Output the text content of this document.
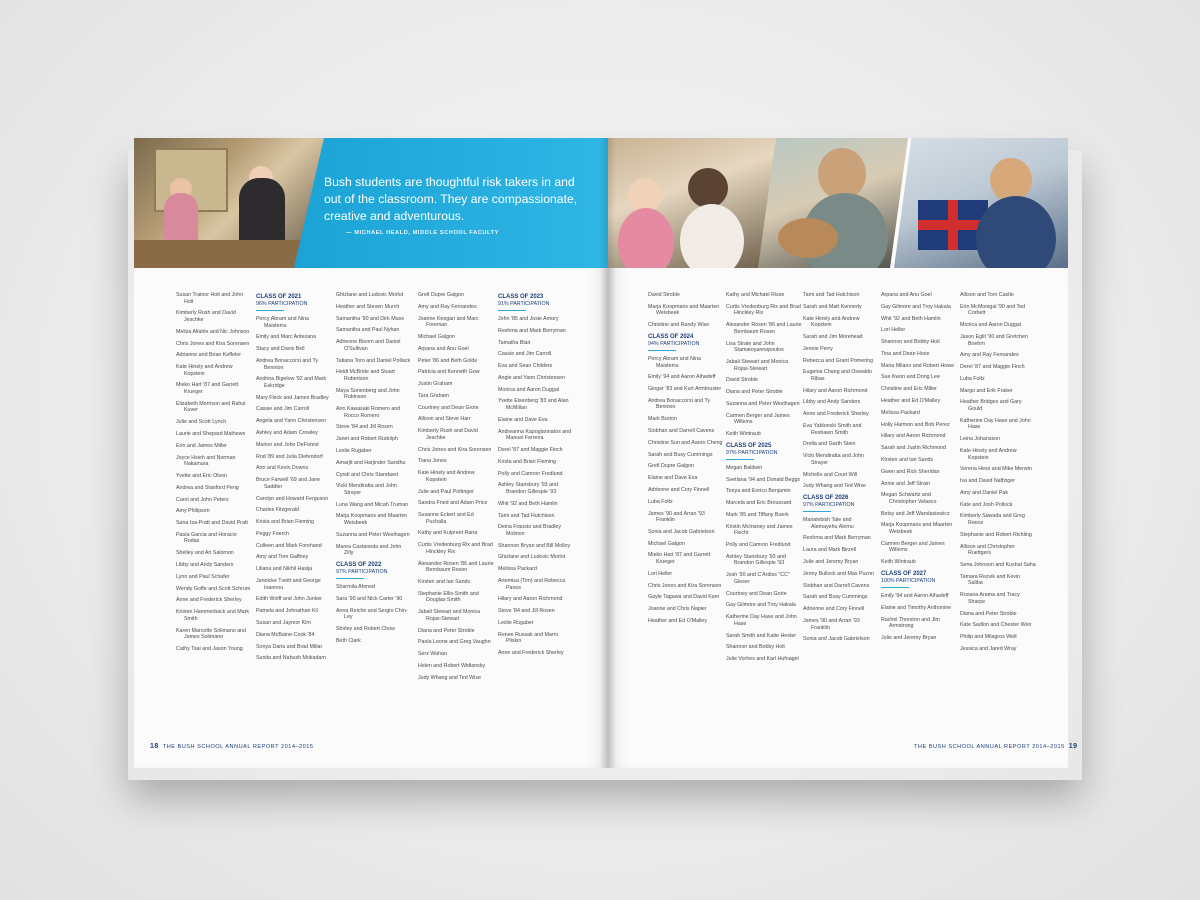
Bush students are thoughtful risk takers in and out of the classroom. They are compassionate, creative and adventurous.
— MICHAEL HEALD, MIDDLE SCHOOL FACULTY
Susan Trainor Holt and John Holt
Kimberly Rush and David Jeschke
Meliza Allahle and Nic Johnson
Chris Jones and Kira Sorensen
Adrianne and Brian Keffeler
Kate Hinely and Andrew Kopstein
Mieko Hart '87 and Garrett Krueger
Elizabeth Morrison and Rahul Kuver
Julie and Scott Lynch
Laurie and Shepard Mathews
Erin and James Miller
Joyce Hsieh and Norman Nakamura
Yvette and Eric Olson
Andrea and Stanford Peng
Carol and John Peters
Amy Philipson
Sana Isa-Pratt and David Pratt
Paula Garcia and Horacio Rodas
Shelley and Ari Salomon
Libby and Andy Sanders
Lynn and Paul Schafer
Wendy Goffe and Scott Schrum
Anne and Frederick Sherley
Kristen Hammerback and Mark Smith
Karen Marcotte Solimano and James Solimano
Cathy Tsai and Jason Young
CLASS OF 2021
96% PARTICIPATION
Percy Abram and Nina Maisterra
Emily and Marc Antezana
Stacy and Davis Bell
Andrea Bonaccorsi and Ty Bennion
Andrina Bigelow '92 and Mark Eskridge
Mary Fleck and James Bradley
Cassie and Jim Carroll
Angela and Yann Christensen
Ashley and Adam Crowley
Marion and John DeForest
Rod '89 and Julia Diefendorf
Ann and Kevin Downs
Bruce Farwell '69 and Jane Saddler
Carolyn and Howard Ferguson
Charles Fitzgerald
Krista and Brian Fleming
Peggy Foerch
Colleen and Mark Forehand
Amy and Tom Gaffney
Liliana and Nikhil Hasija
Jannicke Tveitt and George Ioannou
Edith Wolff and John Junker
Pamela and Johnathan Kil
Susan and Jaymor Kim
Diana McBaine-Cook '84
Sonya Daria and Brad Millar
Sunita and Nahush Mokadam
Ghizlane and Ludovic Morlot
Heather and Steven Murch
Samantha '90 and Dirk Muse
Samantha and Paul Nyhan
Adrienne Bloom and Daniel O'Sullivan
Tatiana Toro and Daniel Pollack
Heidi McBride and Stuart Robertson
Maya Sonenberg and John Robinson
Ann Kawasaki Romero and Rocco Romero
Steve '84 and Jill Rosen
Janet and Robert Rudolph
Leslie Rugaber
Amarjit and Harjinder Sandhu
Cyndi and Chris Standaert
Vicki Mendiratta and John Strayer
Luna Wang and Micah Truman
Marja Koopmans and Maarten Weisbeek
Suzanna and Peter Westhagen
Marea Castaneda and John Zilly
CLASS OF 2022
97% PARTICIPATION
Sharmila Ahmed
Sara '90 and Nick Carter '90
Anna Reiche and Sergio Chin-Ley
Shirley and Robert Chow
Beth Clark
Gretl Dupre Galgon
Amy and Ray Fernandes
Joanne Keegan and Marc Freeman
Michael Galgon
Arpana and Anu Goel
Peter '86 and Beth Golde
Patricia and Kenneth Gow
Justin Graham
Tara Graham
Courtney and Dean Grote
Allison and Steve Harr
Kimberly Rush and David Jeschke
Chris Jones and Kira Sorensen
Tiana Jones
Kate Hinely and Andrew Kopstein
Julie and Paul Pottinger
Sandra Fried and Adam Price
Susanne Eckert and Ed Puchalla
Kathy and Kulpreet Rana
Curtis Vredenburg Rix and Brad Hinckley Rix
Alexander Rosen '86 and Laurie Bernbaum Rosen
Kirsten and Ian Sands
Stephanie Ellis-Smith and Douglas Smith
Jabali Stewart and Monica Rojas-Stewart
Diana and Peter Stroble
Paola Leone and Greg Vaughn
Serz Wahan
Helen and Robert Widlansky
Judy Whang and Ted Wise
CLASS OF 2023
91% PARTICIPATION
John '85 and Josie Amory
Reshma and Mark Berryman
Tamatha Blair
Cassie and Jim Carroll
Eva and Sean Childers
Angie and Yann Christensen
Monica and Aaron Duggal
Yvette Eisenberg '83 and Alan McMillan
Elaine and Dave Eva
Andreanna Kapogiannatos and Manuel Ferreira
Derel '87 and Maggie Finch
Krista and Brian Fleming
Polly and Camron Fredlund
Ashley Stansbury '93 and Brandon Gillespie '93
Whit '92 and Beth Hamlin
Tami and Tad Hutchison
Deina Frausto and Bradley Molinon
Shannon Bryan and Bill Molloy
Ghizlane and Ludovic Morlot
Melissa Packard
Artemisa (Tim) and Rebecca Panos
Hilary and Aaron Richmond
Steve '84 and Jill Rosen
Leslie Rugaber
Renee Russak and Marni Pliskin
Anne and Frederick Sherley
18 THE BUSH SCHOOL ANNUAL REPORT 2014–2015
David Stroble
Marja Koopmans and Maarten Weisbeek
Christine and Randy Wise
CLASS OF 2024
94% PARTICIPATION
Percy Abram and Nina Maisterra
Emily '94 and Aaron Alhadeff
Ginger '83 and Kurt Armbruster
Andrea Bonaccorsi and Ty Bennion
Mark Burton
Siobhan and Darrell Cavens
Christine Sun and Aaron Cheng
Sarah and Busy Cummings
Gretl Dupre Galgon
Elaine and Dave Eva
Adrienne and Cory Finnell
Luba Foltz
James '90 and Arran '93 Franklin
Sonia and Jacob Gabrielson
Michael Galgon
Mieko Hart '87 and Garrett Krueger
Lori Heller
Chris Jones and Kira Sorensen
Gayle Tagawa and David Kam
Joanne and Chris Napier
Heather and Ed O'Malley
Kathy and Michael Risse
Curtis Vredenburg Rix and Brad Hinckley Rix
Alexander Rosen '86 and Laurie Bernbaum Rosen
Lisa Strate and John Stamatoyannopoulos
Jabali Stewart and Monica Rojas-Stewart
David Stroble
Diana and Peter Stroble
Suzanna and Peter Westhagen
Carmen Berger and James Willems
Keith Wintraub
CLASS OF 2025
97% PARTICIPATION
Megan Baldwin
Svetlana '94 and Donald Beggs
Tonya and Enrico Benjamin
Marcela and Eric Broussard
Mark '85 and Tiffany Buerk
Kristin McInaney and James Flecht
Polly and Camron Fredlund
Ashley Stansbury '93 and Brandon Gillespie '93
Josh '90 and C'Ardiss "CC" Gleser
Courtney and Dean Grote
Gay Gilmore and Troy Hakala
Katherine Day Hase and John Hase
Sarah Smith and Katie Hester
Shannon and Bobby Holt
Julie Vorhes and Karl Hufnagel
Tami and Tad Hutchison
Sarah and Matt Kennedy
Kate Hinely and Andrew Kopstein
Sarah and Jim Morehead
Jennie Perry
Rebecca and Grant Pomering
Eugenia Chang and Oswaldo Ribas
Hilary and Aaron Richmond
Libby and Andy Sanders
Anne and Frederick Sherley
Eva Yablonski Smith and Reshawn Smith
Drella and Garth Stein
Vicki Mendiratta and John Strayer
Michelle and Court Will
Judy Whang and Ted Wise
CLASS OF 2026
97% PARTICIPATION
Manalebish Tale and Alemayehu Alemu
Reshma and Mark Berryman
Laura and Mark Birzell
Julie and Jeremy Bryan
Jenny Bullock and Max Puzon
Siobhan and Darrell Cavens
Sarah and Busy Cummings
Adrienne and Cory Finnell
James '90 and Arran '93 Franklin
Sonia and Jacob Gabrielson
Arpana and Anu Goel
Gay Gilmore and Troy Hakala
Whit '92 and Beth Hamlin
Lori Heller
Shannon and Bobby Holt
Tina and Dean Hove
Maria Milano and Robert Howe
Sue Kwon and Dong Lee
Christine and Eric Miller
Heather and Ed O'Malley
Melissa Packard
Holly Harmon and Bob Perez
Hilary and Aaron Richmond
Sarah and Justin Richmond
Kirsten and Ian Sands
Gwen and Rick Sheridan
Annie and Jeff Strain
Megan Schwartz and Christopher Velasco
Betsy and Jeff Wandasiewicz
Marja Koopmans and Maarten Weisbeek
Carmen Berger and James Willems
Keith Wintraub
CLASS OF 2027
100% PARTICIPATION
Emily '94 and Aaron Alhadeff
Elaine and Timothy Anthonine
Rachel Thorston and Jim Armstrong
Julie and Jeremy Bryan
Allison and Tom Castle
Erin McMonigal '90 and Ted Corbett
Monica and Aaron Duggal
Jason Eglit '90 and Gretchen Boehm
Amy and Ray Fernandes
Derel '87 and Maggie Finch
Luba Foltz
Margo and Erik Fraker
Heather Bridges and Gary Gould
Katherine Day Hase and John Hase
Leina Johansson
Kate Hinely and Andrew Kopstein
Verena Hess and Mike Merwin
Iva and David Naffziger
Amy and Daniel Pak
Kate and Josh Pollock
Kimberly Sawada and Greg Reece
Stephanie and Robert Richling
Allison and Christopher Ruettgers
Sena Johnson and Kushal Saha
Tamara Rezvik and Kevin Saliba
Roxana Arama and Tracy Sharpe
Diana and Peter Stroble
Kate Sadlon and Chester Weir
Philip and Milagros Welt
Jessica and Jared Wray
THE BUSH SCHOOL ANNUAL REPORT 2014–2015 19
